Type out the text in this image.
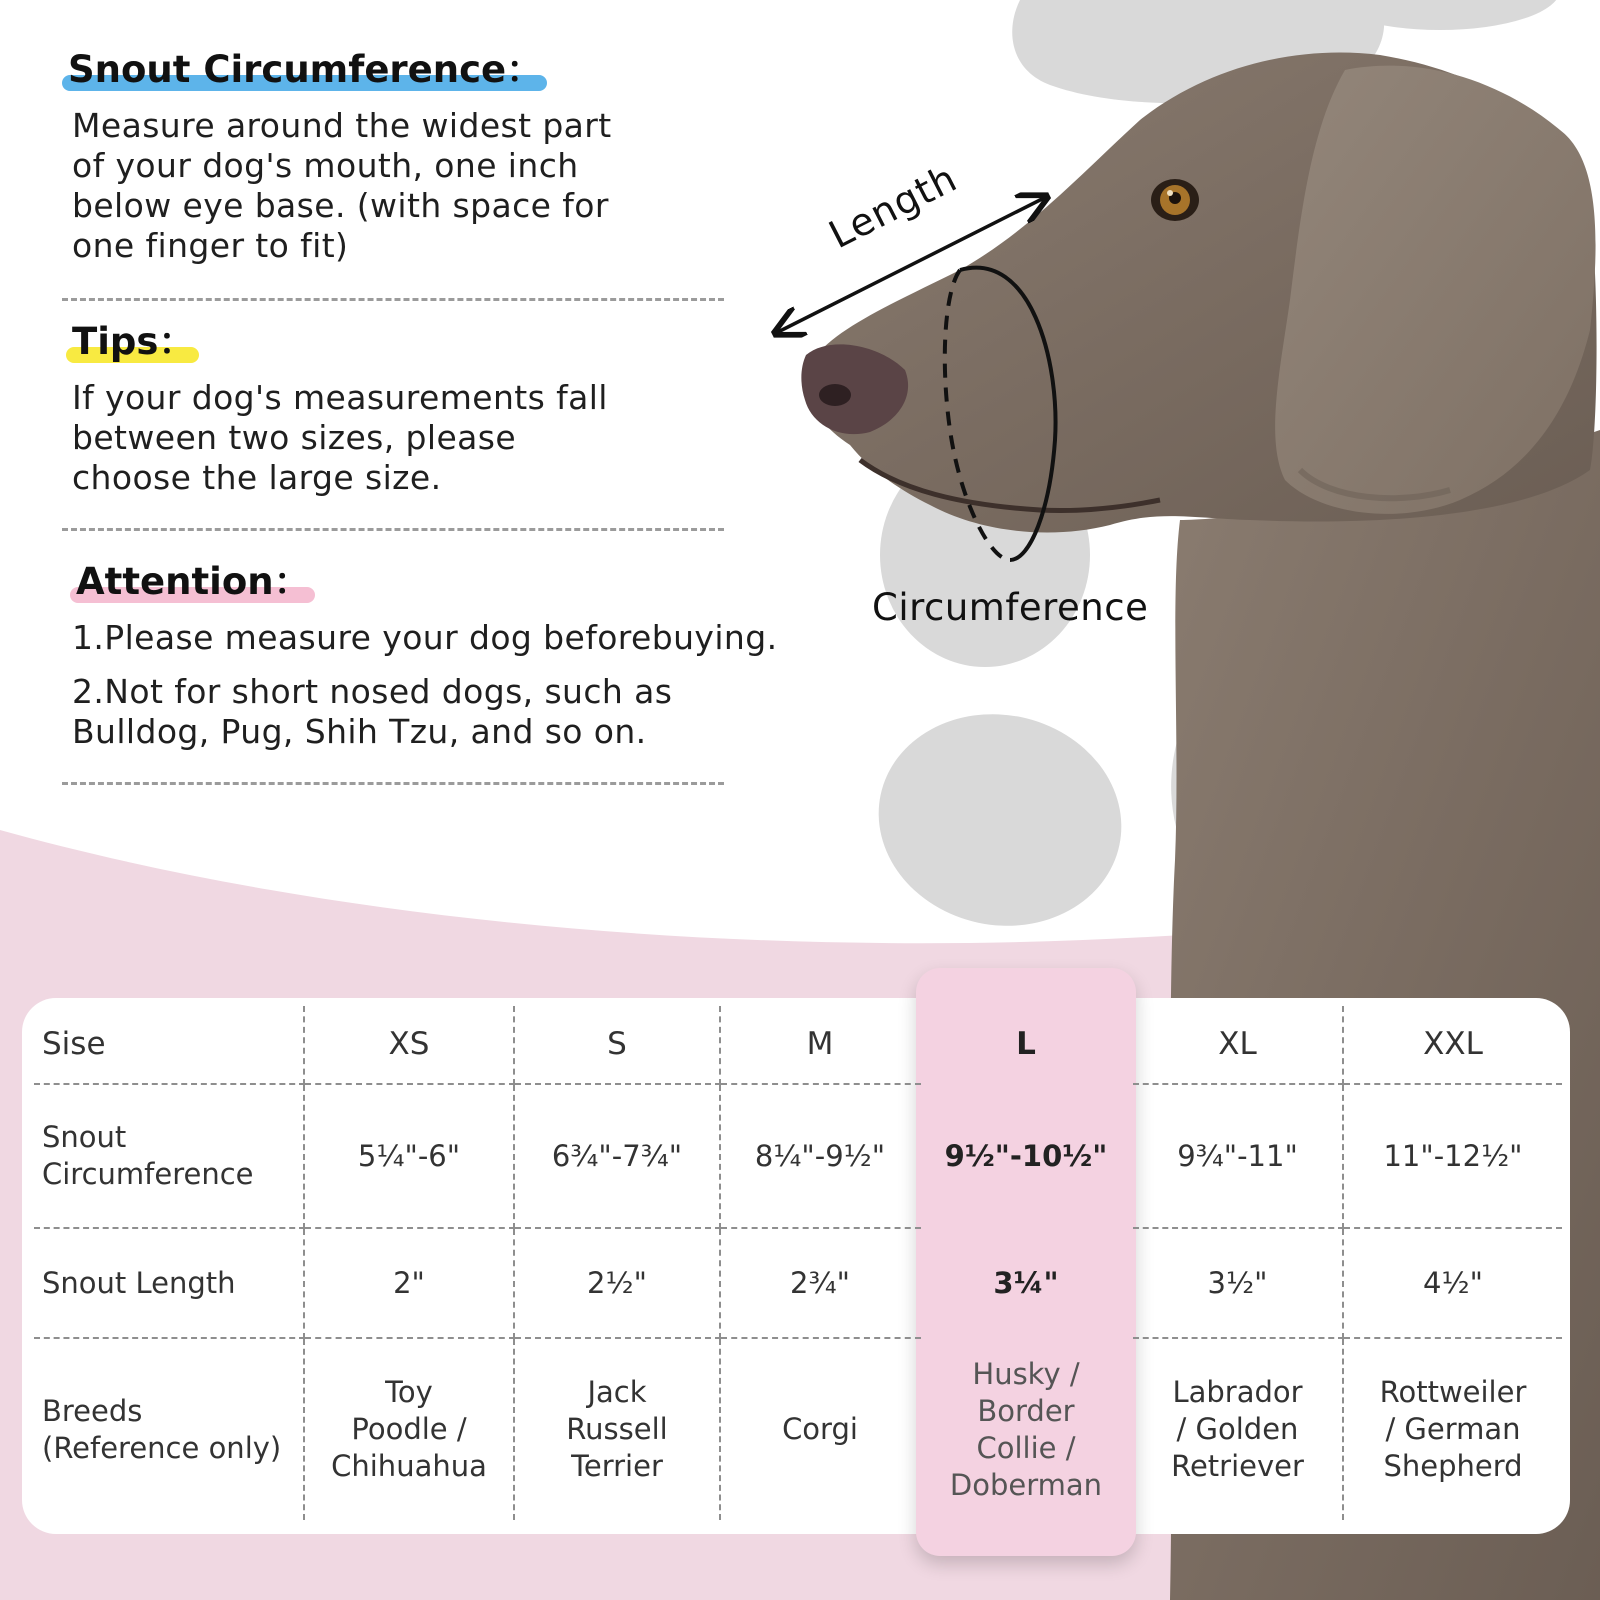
Length
Circumference
Snout Circumference：

Measure around the widest part
of your dog's mouth, one inch
below eye base. (with space for
one finger to fit)

Tips：

If your dog's measurements fall
between two sizes, please
choose the large size.

Attention：

1.Please measure your dog beforebuying.

2.Not for short nosed dogs, such as
Bulldog, Pug, Shih Tzu, and so on.

Sise	XS	S	M	L	XL	XXL
Snout
Circumference	5¼"-6"	6¾"-7¾"	8¼"-9½"	9½"-10½"	9¾"-11"	11"-12½"
Snout Length	2"	2½"	2¾"	3¼"	3½"	4½"
Breeds
(Reference only)	Toy
Poodle /
Chihuahua	Jack
Russell
Terrier	Corgi	Husky /
Border
Collie /
Doberman	Labrador
/ Golden
Retriever	Rottweiler
/ German
Shepherd
